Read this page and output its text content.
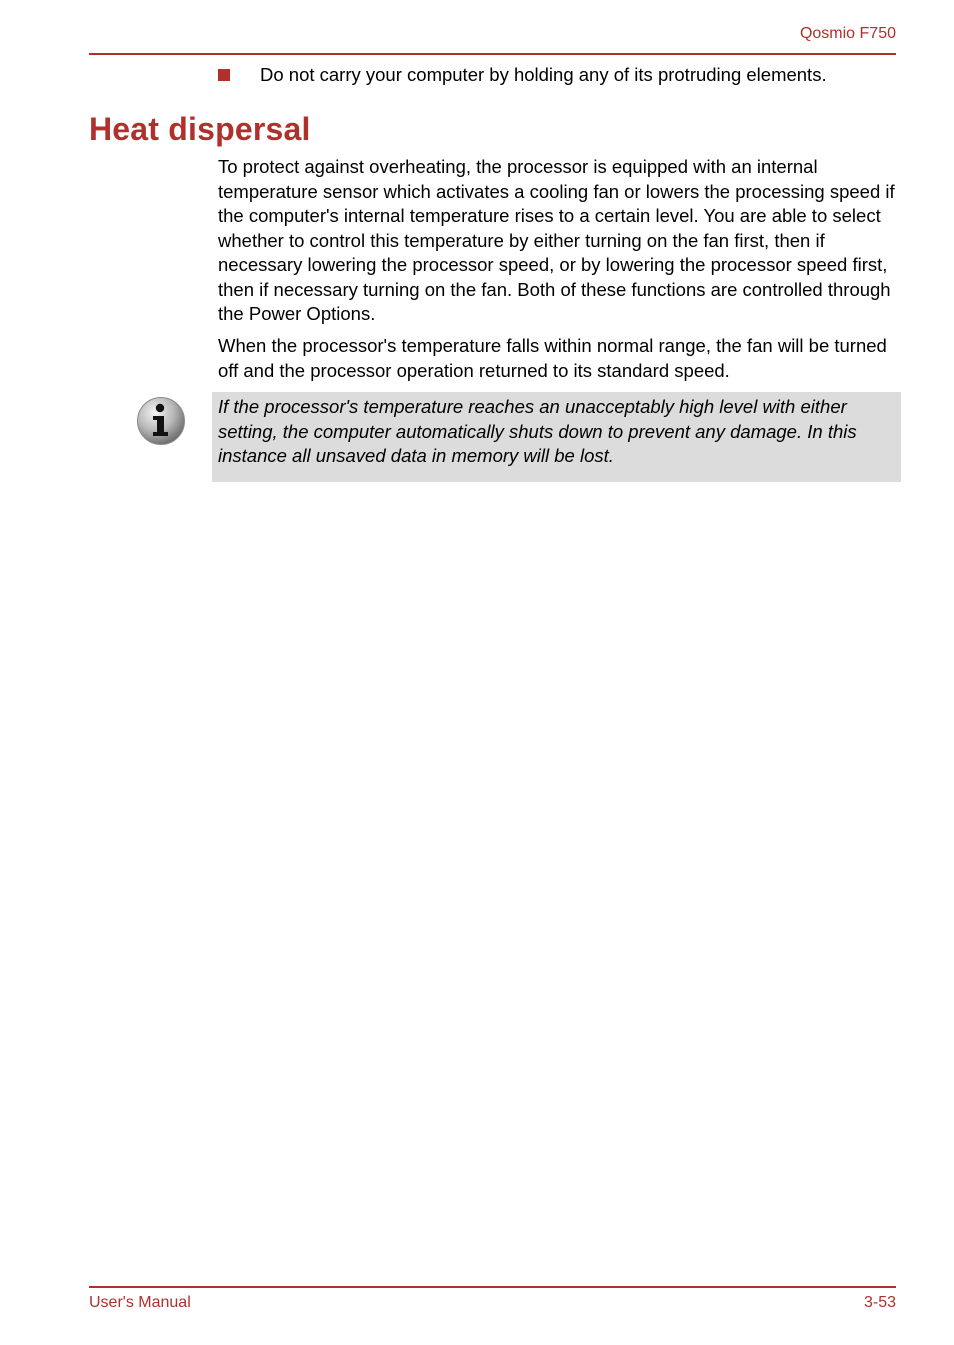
Qosmio F750
Do not carry your computer by holding any of its protruding elements.
Heat dispersal

To protect against overheating, the processor is equipped with an internal temperature sensor which activates a cooling fan or lowers the processing speed if the computer's internal temperature rises to a certain level. You are able to select whether to control this temperature by either turning on the fan first, then if necessary lowering the processor speed, or by lowering the processor speed first, then if necessary turning on the fan. Both of these functions are controlled through the Power Options.

When the processor's temperature falls within normal range, the fan will be turned off and the processor operation returned to its standard speed.

If the processor's temperature reaches an unacceptably high level with either setting, the computer automatically shuts down to prevent any damage. In this instance all unsaved data in memory will be lost.

User's Manual	3-53
